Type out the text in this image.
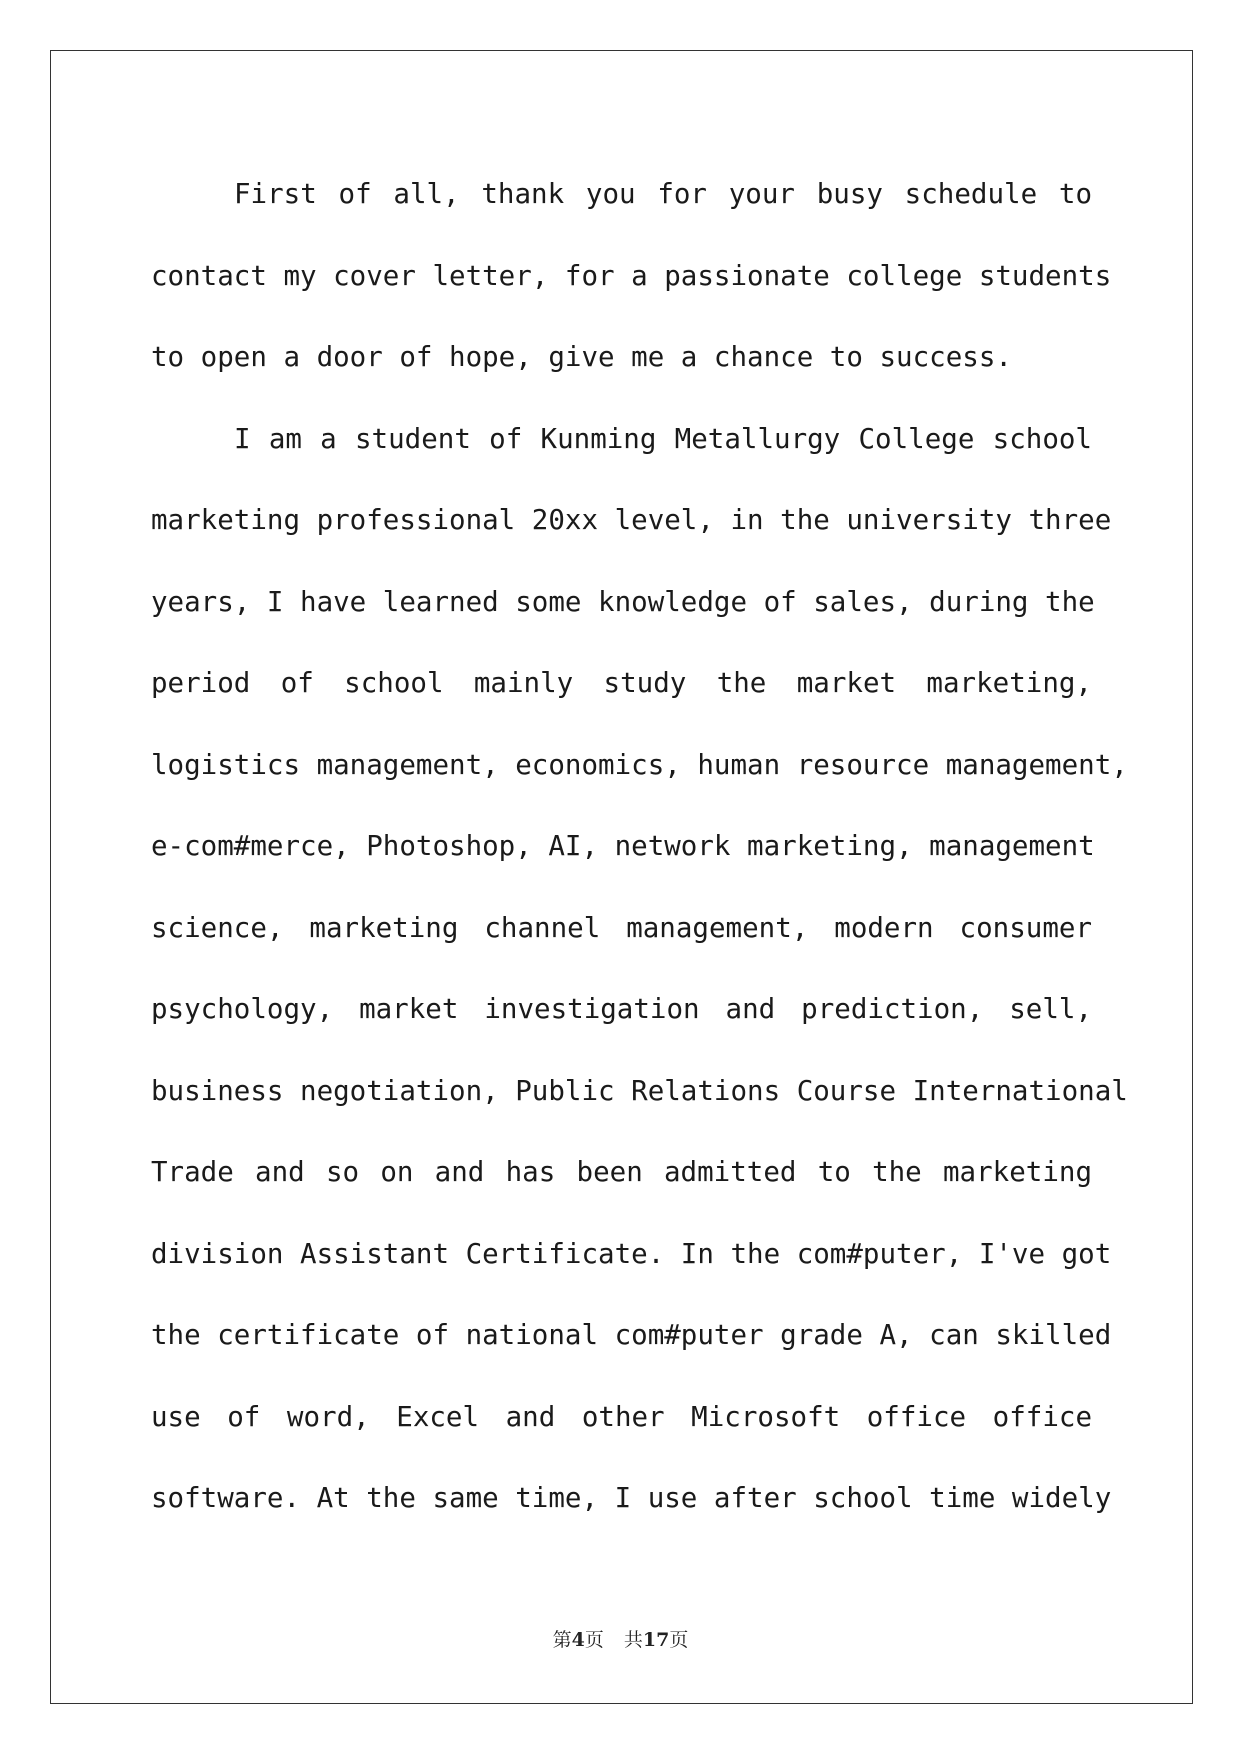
First of all, thank you for your busy schedule to
contact my cover letter, for a passionate college students
to open a door of hope, give me a chance to success.
I am a student of Kunming Metallurgy College school
marketing professional 20xx level, in the university three
years, I have learned some knowledge of sales, during the
period of school mainly study the market marketing,
logistics management, economics, human resource management,
e-com#merce, Photoshop, AI, network marketing, management
science, marketing channel management, modern consumer
psychology, market investigation and prediction, sell,
business negotiation, Public Relations Course International
Trade and so on and has been admitted to the marketing
division Assistant Certificate. In the com#puter, I've got
the certificate of national com#puter grade A, can skilled
use of word, Excel and other Microsoft office office
software. At the same time, I use after school time widely
第4页 共17页
